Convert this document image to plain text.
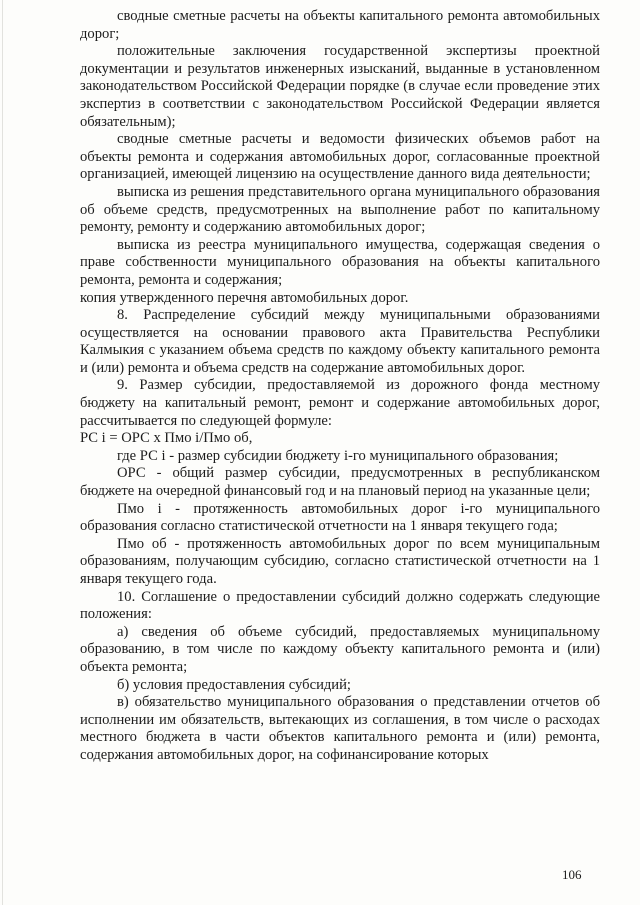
сводные сметные расчеты на объекты капитального ремонта автомобильных дорог;

положительные заключения государственной экспертизы проектной документации и результатов инженерных изысканий, выданные в установленном законодательством Российской Федерации порядке (в случае если проведение этих экспертиз в соответствии с законодательством Российской Федерации является обязательным);

сводные сметные расчеты и ведомости физических объемов работ на объекты ремонта и содержания автомобильных дорог, согласованные проектной организацией, имеющей лицензию на осуществление данного вида деятельности;

выписка из решения представительного органа муниципального образования об объеме средств, предусмотренных на выполнение работ по капитальному ремонту, ремонту и содержанию автомобильных дорог;

выписка из реестра муниципального имущества, содержащая сведения о праве собственности муниципального образования на объекты капитального ремонта, ремонта и содержания;

копия утвержденного перечня автомобильных дорог.

8. Распределение субсидий между муниципальными образованиями осуществляется на основании правового акта Правительства Республики Калмыкия с указанием объема средств по каждому объекту капитального ремонта и (или) ремонта и объема средств на содержание автомобильных дорог.

9. Размер субсидии, предоставляемой из дорожного фонда местному бюджету на капитальный ремонт, ремонт и содержание автомобильных дорог, рассчитывается по следующей формуле:

РС i = ОРС х Пмо i/Пмо об,

где РС i - размер субсидии бюджету i-го муниципального образования;

ОРС - общий размер субсидии, предусмотренных в республиканском бюджете на очередной финансовый год и на плановый период на указанные цели;

Пмо i - протяженность автомобильных дорог i-го муниципального образования согласно статистической отчетности на 1 января текущего года;

Пмо об - протяженность автомобильных дорог по всем муниципальным образованиям, получающим субсидию, согласно статистической отчетности на 1 января текущего года.

10. Соглашение о предоставлении субсидий должно содержать следующие положения:

а) сведения об объеме субсидий, предоставляемых муниципальному образованию, в том числе по каждому объекту капитального ремонта и (или) объекта ремонта;

б) условия предоставления субсидий;

в) обязательство муниципального образования о представлении отчетов об исполнении им обязательств, вытекающих из соглашения, в том числе о расходах местного бюджета в части объектов капитального ремонта и (или) ремонта, содержания автомобильных дорог, на софинансирование которых

106
